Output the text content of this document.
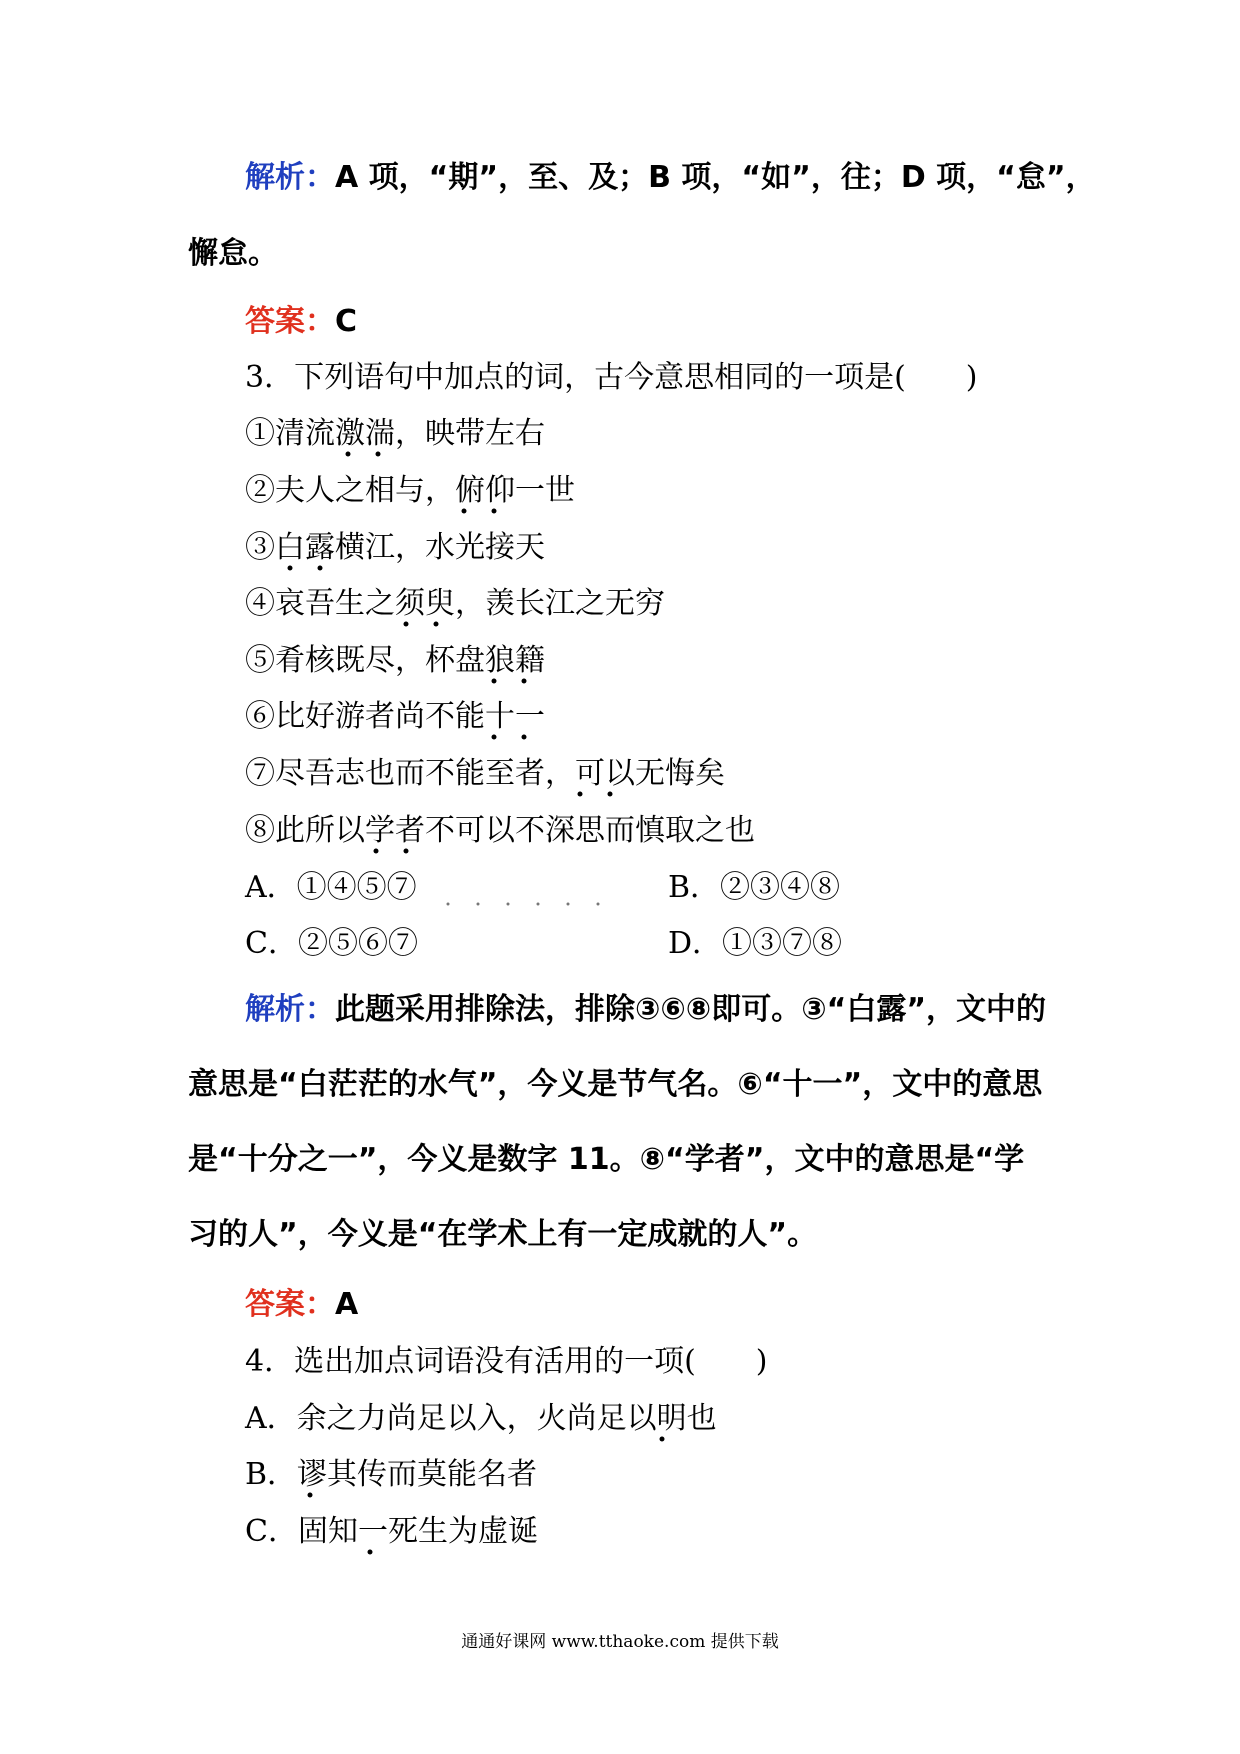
解析：A 项，“期”，至、及；B 项，“如”，往；D 项，“怠”，
懈怠。
答案：C
3．下列语句中加点的词，古今意思相同的一项是(　　)
①清流激湍，映带左右
②夫人之相与，俯仰一世
③白露横江，水光接天
④哀吾生之须臾，羡长江之无穷
⑤肴核既尽，杯盘狼籍
⑥比好游者尚不能十一
⑦尽吾志也而不能至者，可以无悔矣
⑧此所以学者不可以不深思而慎取之也
A．①④⑤⑦	B．②③④⑧
C．②⑤⑥⑦	D．①③⑦⑧
解析：此题采用排除法，排除③⑥⑧即可。③“白露”，文中的
意思是“白茫茫的水气”，今义是节气名。⑥“十一”，文中的意思
是“十分之一”，今义是数字 11。⑧“学者”，文中的意思是“学
习的人”，今义是“在学术上有一定成就的人”。
答案：A
4．选出加点词语没有活用的一项(　　)
A．余之力尚足以入，火尚足以明也
B．谬其传而莫能名者
C．固知一死生为虚诞
通通好课网 www.tthaoke.com 提供下载
